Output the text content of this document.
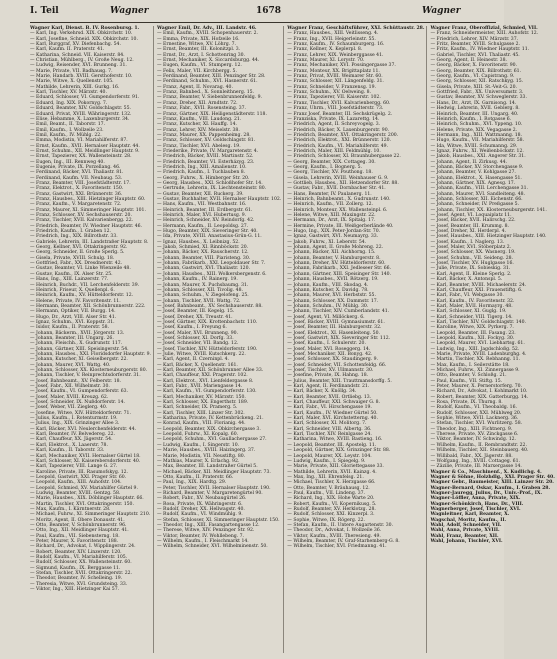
I. Teil	Wagner	1678	Wagner
Wagner Karl, Dienst. B. IV. Rosenbursg. 1.
— Karl, Ing. Verkehrsd. XIX. Obkirchstr. 10.
— Karl, Josefine, Schneid. XIX. Obkirchstr. 10.
— Karl, Burggraf, XV. Diefenbachg. 54.
— Karl, Kaufm. II. Praterstr. 41.
— Katharina, Schneid. VII. Kaiserstr. 84.
— Christian, Mühlberg., IV. Große Neug. 12.
— Ludwig, Reisender, XVI. Brunneng. 31.
— Marie, Private, VII. Badhausg. 7.
— Marie, Handarb. XVIII. Gersthoferstr. 10.
— Marie, Witwe, X. Quellenstr. 105.
— Mathilde, Lehrerin, XIII. Gurkg. 16.
— Karl, Tischler, XV. Märzstr. 40.
— Eduard, Schlosser, VI. Gumpendorferstr. 91.
— Eduard, Ing. XIX. Pokornyg. 7.
— Eduard, Beamter, XIV. Goldschlagstr. 55.
— Eduard, Privat, XVIII. Währingerstr. 132.
— Elise, Hebamme, X. Laxenburgerstr. 34.
— Emil, Beamt., II. Taborstr. 17.
— Emil, Kaufm., I. Wollzeile 23.
— Emil, Kaufm., IV. Mühlg. 22.
— Emma, Modistin, VI. Mariahilferstr. 87.
— Ernst, Kaufm., XVII. Hernalser Hauptstr. 44.
— Ernst, Schuhm., XII. Meidlinger Hauptstr. 9.
— Ernst, Tapezierer, XX. Wallensteinstr. 28.
— Eugen, Ing., III. Rennweg 40.
— Eugenie, Private, IX. Porzellang. 46.
— Ferdinand, Bäcker, XVI. Thaliastr. 81.
— Ferdinand, Kaufm. VII. Neubaug. 53.
— Franz, Beamter, VIII. Josefstädterstr. 17.
— Franz, Elektrot., X. Favoritenstr. 150.
— Franz, Gastwirt, XXI. Brünnerstr. 36.
— Franz, Hausbes., XIII. Hietzinger Hauptstr. 60.
— Franz, Kaufm., V. Margaretenstr. 72.
— Franz, Maurer, XI. Simmeringer Hauptstr. 101.
— Franz, Schlosser, XV. Sechshauserstr. 20.
— Franz, Tischler, XVII. Kalvarienbergg. 22.
— Friedrich, Beamter, IV. Wiedner Hauptstr. 46.
— Friedrich, Kaufm., I. Graben 12.
— Friedrich, Ing., XIX. Billrothstr. 33.
— Gabriele, Lehrerin, III. Landstraßer Hauptstr. 8.
— Georg, Kellner, XVI. Ottakringerstr. 92.
— Georg, Schneider, II. Große Sperlg. 5.
— Gisela, Private, XVIII. Schulg. 18.
— Gottfried, Fabr., XX. Dresdnerstr. 42.
— Gustav, Beamter, VI. Linke Wienzeile 48.
— Gustav, Kaufm., IX. Alser Str. 25.
— Hans, Ing., XIII. Lainzerstr. 77.
— Heinrich, Buchdr., VII. Lerchenfelderstr. 39.
— Heinrich, Friseur, X. Quellenpl. 6.
— Heinrich, Kaufm., XV. Hütteldorferstr. 12.
— Helene, Private, IV. Favoritenstr. 11.
— Hermann, Beamter, XII. Schönbrunnerstr. 222.
— Hermann, Optiker, VII. Burgg. 14.
— Hugo, Dr., Arzt, VIII. Alser Str. 41.
— Ignaz, Schuhm., XVI. Koppstr. 31.
— Isidor, Kaufm., II. Praterstr. 58.
— Johann, Bäckerm., XVII. Jörgerstr. 13.
— Johann, Beamter, III. Ungarg. 26.
— Johann, Fleischh., X. Gudrunstr. 117.
— Johann, Gärtner, XIII. Speisingerstr. 54.
— Johann, Hausbes., XXI. Floridsdorfer Hauptstr. 9.
— Johann, Kutscher, XI. Geiselbergstr. 22.
— Johann, Maurer, XVI. Wattg. 40.
— Johann, Schlosser, XX. Klosterneuburgerstr. 80.
— Johann, Tischler, V. Reinprechtsdorferstr. 31.
— Josef, Bahnbeamt., XV. Felberstr. 18.
— Josef, Fabr., XII. Wilhelmstr. 30.
— Josef, Kaufm., VI. Gumpendorferstr. 63.
— Josef, Maler, XVIII. Kreuzg. 62.
— Josef, Schneider, IX. Nußdorferstr. 14.
— Josef, Weber, VII. Zieglerg. 40.
— Josefine, Witwe, XIV. Hütteldorferstr. 71.
— Julius, Kaufm., I. Rotenturmstr. 19.
— Julius, Ing., XIX. Grinzinger Allee 3.
— Karl, Bäcker, XVI. Neulerchenfelderstr. 44.
— Karl, Beamter, IV. Belvedereg. 22.
— Karl, Chauffeur, XX. Jägerstr. 54.
— Karl, Elektrot., X. Laaerstr. 78.
— Karl, Kaufm., II. Taborstr. 33.
— Karl, Mechaniker, XVII. Hernalser Gürtel 18.
— Karl, Schlosser, XI. Kaiserebersdorferstr. 40.
— Karl, Tapezierer, VIII. Lange G. 27.
— Karoline, Private, III. Rasumofskyg. 12.
— Leopold, Gastwirt, XXI. Prager Str. 60.
— Leopold, Kaufm., XIII. Auhofstr. 104.
— Leopold, Schmied, XV. Mariahilfer Gürtel 9.
— Ludwig, Beamter, XVIII. Gentzg. 58.
— Marie, Hausbes., XIX. Döblinger Hauptstr. 66.
— Martin, Tischler, XVI. Ottakringerstr. 150.
— Max, Kaufm., I. Kärntnerstr. 28.
— Michael, Fuhrw., XI. Simmeringer Hauptstr. 210.
— Moritz, Agent, II. Obere Donaustr. 41.
— Otto, Beamter, V. Schönbrunnerstr. 96.
— Otto, Ing., XII. Meidlinger Hauptstr. 41.
— Paul, Kaufm., VII. Siebensterng. 18.
— Peter, Maurer, X. Favoritenstr. 188.
— Richard, Dr., Advokat, I. Wipplingerstr. 24.
— Robert, Beamter, XIV. Linzerstr. 120.
— Rudolf, Kaufm., VI. Mariahilferstr. 105.
— Rudolf, Schlosser, XX. Wallensteinstr. 60.
— Sigmund, Kaufm., IX. Berggasse 11.
— Stefan, Tischler, XVII. Ottakringerstr. 22.
— Theodor, Beamter, IV. Schelleing. 19.
— Theresia, Witwe, XVI. Grundsteing. 33.
— Viktor, Ing., XIII. Hietzinger Kai 57.
Wagner Emil, Dr. Adv., III. Landstr. 46.
— Emil, Kaufm., XVIII. Schopenhauerstr. 2.
— Emma, Private, XIX. Hofzeile 16.
— Ernestine, Witwe, XV. Löhrg. 7.
— Ernst, Beamter, III. Kolonitzpl. 3.
— Ernst, Dr., Arzt, I. Schottenring 30.
— Ernst, Mechaniker, X. Siccardsburgg. 44.
— Eugen, Kaufm., VI. Stumperg. 12.
— Felix, Maler, VII. Kirchbergg. 5.
— Ferdinand, Beamter, XIII. Penzinger Str. 28.
— Ferdinand, Schuhm., XVI. Hasnerstr. 61.
— Franz, Agent, II. Novarag. 40.
— Franz, Bahnbed., X. Sonnleithnerg. 15.
— Franz, Beamter, V. Siebenbrunnenfeldg. 9.
— Franz, Dreher, XII. Arndtstr. 72.
— Franz, Fabr., XVII. Rosensteing. 37.
— Franz, Gärtner, XIX. Heiligenstädterstr. 118.
— Franz, Kaufm., VIII. Laudong. 21.
— Franz, Kutscher, XI. Hauffg. 14.
— Franz, Lehrer, XIV. Meiselstr. 38.
— Franz, Maurer, XX. Pappenheimg. 28.
— Franz, Schlosser, XV. Goldschlagstr. 81.
— Franz, Tischler, XVI. Abelesg. 19.
— Friederike, Private, IV. Margaretenstr. 4.
— Friedrich, Bäcker, XVIII. Martinstr. 52.
— Friedrich, Beamter, VI. Esterházyg. 23.
— Friedrich, Ing., XIII. Amalienstr. 10.
— Friedrich, Kaufm., I. Tuchlauben 8.
— Georg, Fuhrw., X. Himberger Str. 20.
— Georg, Hausbes., XXI. Schloßhofer Str. 14.
— Gertrude, Lehrerin, IX. Liechtensteinstr. 80.
— Gustav, Beamter, XII. Ruckerg. 39.
— Gustav, Buchhalter, XVII. Hernalser Hauptstr. 102.
— Hans, Kaufm., VII. Westbahnstr. 16.
— Heinrich, Beamter, III. Erdbergstr. 61.
— Heinrich, Maler, XVI. Hubertusg. 9.
— Heinrich, Schneider, XV. Reindorfg. 42.
— Hermann, Kaufm., II. Leopoldsg. 27.
— Hugo, Beamter, XIX. Sieveringer Str. 40.
— Ida, Private, XVIII. Anastasius-Grün-G. 11.
— Ignaz, Hausbes., X. Leibnizg. 52.
— Jakob, Schmied, XI. Rinnböckstr. 20.
— Johann, Bäcker, XX. Rauscherstr. 12.
— Johann, Beamter, VIII. Piaristeng. 30.
— Johann, Fabrikarb., XXI. Leopoldauer Str. 7.
— Johann, Gastwirt, XVI. Thaliastr. 120.
— Johann, Hausbes., XIII. Wolkersbergenstr. 6.
— Johann, Kaufm., IV. Rainerg. 19.
— Johann, Maurer, X. Puchsbaumg. 31.
— Johann, Schlosser, XII. Tivolig. 48.
— Johann, Schuhm., V. Ziegelofeng. 25.
— Johann, Tischler, XVII. Wattg. 72.
— Josef, Bahnbeamt., XV. Sechshauserstr. 88.
— Josef, Beamter, III. Kegelg. 15.
— Josef, Dreher, XX. Treustr. 41.
— Josef, Gärtner, XIX. Krottenbachstr. 110.
— Josef, Kaufm., I. Freyung 6.
— Josef, Maler, XVI. Brunneng. 90.
— Josef, Schlosser, XI. Dorfg. 33.
— Josef, Schneider, VII. Bandg. 12.
— Josef, Tischler, XIV. Hütteldorferstr. 190.
— Julie, Witwe, XVIII. Kutschkerg. 22.
— Karl, Agent, II. Czerninpl. 4.
— Karl, Bäcker, X. Quellenstr. 161.
— Karl, Beamter, XII. Schönbrunner Allee 33.
— Karl, Chauffeur, XXI. Pragerstr. 102.
— Karl, Elektrot., XVI. Lienfeldergasse 8.
— Karl, Fabr., XVII. Mariengasse 14.
— Karl, Kaufm., VI. Gumpendorferstr. 130.
— Karl, Mechaniker, XV. Märzstr. 150.
— Karl, Schlosser, XX. Engerthstr. 189.
— Karl, Schneider, IX. Pramerg. 5.
— Karl, Tischler, XIII. Linzer Str. 302.
— Katharina, Private, IV. Kettenbrückeng. 21.
— Konrad, Kaufm., VIII. Florianig. 44.
— Leopold, Beamter, XIX. Obkirchergasse 3.
— Leopold, Fuhrw., XI. Kopalg. 60.
— Leopold, Schuhm., XVI. Gaullachergasse 27.
— Ludwig, Kaufm., I. Singerstr. 10.
— Marie, Hausbes., XVIII. Haizingerg. 37.
— Marie, Modistin, VII. Neustiftg. 80.
— Mathias, Maurer, X. Erlachg. 92.
— Max, Beamter, III. Landstraßer Gürtel 5.
— Michael, Bäcker, XII. Meidlinger Hauptstr. 73.
— Otto, Kaufm., II. Praterstr. 66.
— Paul, Ing., XIX. Hardtg. 29.
— Peter, Tischler, XVII. Hernalser Hauptstr. 190.
— Richard, Beamter, V. Margaretengürtel 90.
— Robert, Fabr., XV. Neubaugürtel 26.
— Rosa, Private, IX. Währingerstr. 6.
— Rudolf, Dreher, XX. Hellwagstr. 40.
— Rudolf, Kaufm., VI. Windmühlg. 9.
— Stefan, Schlosser, XI. Simmeringer Hauptstr. 150.
— Theodor, Ing., XIII. Fasangartengasse 12.
— Therese, Witwe, XIV. Penzinger Str. 92.
— Viktor, Beamter, IV. Wohllebeng. 7.
— Wilhelm, Kaufm., I. Fleischmarkt 14.
— Wilhelm, Schneider, XVI. Wilhelminenstr. 50.
Wagner Franz, Geschäftsführer, XXI. Schüttaustr. 28.
— Franz, Hausbes., XIII. Veitlisseng. 4.
— Franz, Ing., XVII. Heigerleinstr. 55.
— Franz, Kaufm., IV. Schaumburgerg. 16.
— Franz, Kellner, X. Keplerpl. 8.
— Franz, Lehrer, XIX. Weinberggasse 41.
— Franz, Maurer, XI. Lorystr. 70.
— Franz, Mechaniker, XVI. Possingergasse 37.
— Franz, Monteur, XX. Brigittaplatz 11.
— Franz, Privat, XVIII. Weimarer Str. 60.
— Franz, Schlosser, XII. Längenfeldg. 31.
— Franz, Schneider, V. Franzensg. 19.
— Franz, Schuhm., XV. Oelweing. 8.
— Franz, Tapezierer, VII. Kaiserstr. 102.
— Franz, Tischler, XVII. Kalvarienbergg. 60.
— Franz, Uhrm., VIII. Josefstädterstr. 73.
— Franz Josef, Beamter, III. Sechskrügelg. 2.
— Franziska, Private, IX. Lazarettg. 14.
— Friedrich, Agent, II. Schreyvogelg. 3.
— Friedrich, Bäcker, X. Laxenburgerstr. 90.
— Friedrich, Beamter, XVI. Ottakringerstr. 200.
— Friedrich, Elektrot., XXI. Brünnerstr. 120.
— Friedrich, Kaufm., VI. Mariahilferstr. 49.
— Friedrich, Maler, XIII. Feldmühlg. 10.
— Friedrich, Schlosser, XI. Braunhubergasse 22.
— Georg, Beamter, XIX. Cottageg. 30.
— Georg, Kaufm., I. Bognerg. 5.
— Georg, Tischler, XV. Pouthong. 18.
— Gisela, Lehrerin, XVIII. Weinhauser G. 9.
— Gottlieb, Hausbes., XII. Hetzendorfer Str. 88.
— Gustav, Fabr., XVII. Dornbacher Str. 41.
— Hans, Beamter, IV. Paulanerg. 11.
— Heinrich, Bahnbeamt., X. Gudrunstr. 140.
— Heinrich, Kaufm., VII. Zollerg. 12.
— Heinrich, Monteur, XX. Wallensteinpl. 6.
— Helene, Witwe, XIII. Maxingstr. 22.
— Hermann, Dr., Arzt, IX. Spitalg. 17.
— Hermine, Private, III. Weißgerberlände 40.
— Hugo, Ing., XIX. Peter-Jordan-Str. 70.
— Ignaz, Gastwirt, XVI. Neumayrg. 33.
— Jakob, Fuhrw., XI. Leberstr. 54.
— Johann, Agent, II. Große Mohreng. 22.
— Johann, Bäcker, XII. Aichhorng. 15.
— Johann, Beamter, V. Hamburgerstr. 8.
— Johann, Dreher, XV. Hütteldorferstr. 60.
— Johann, Fabrikarb., XXI. Jedleseer Str. 66.
— Johann, Gärtner, XIII. Speisinger Str. 140.
— Johann, Hausbes., XVII. Rötzerg. 19.
— Johann, Kaufm., VIII. Skodag. 4.
— Johann, Kutscher, X. Davidg. 78.
— Johann, Maurer, XVI. Herbststr. 55.
— Johann, Schlosser, XX. Dammstr. 17.
— Johann, Schuhm., IV. Mühlg. 30.
— Johann, Tischler, XIV. Cumberlandstr. 41.
— Josef, Agent, VI. Millöckerg. 6.
— Josef, Bäcker, XVIII. Gymnasiumstr. 61.
— Josef, Beamter, III. Hainburgerstr. 32.
— Josef, Elektrot., XI. Hasenleiteng. 50.
— Josef, Gastwirt, XIX. Sieveringer Str. 112.
— Josef, Kaufm., I. Schulerstr. 20.
— Josef, Maler, XVI. Roseggerg. 14.
— Josef, Mechaniker, XII. Bonyg. 42.
— Josef, Schlosser, XX. Staudingerg. 9.
— Josef, Schneider, VII. Schottenfeldg. 66.
— Josef, Tischler, XV. Ullmannstr. 30.
— Josefine, Private, IX. Hahng. 18.
— Julius, Beamter, XIII. Trauttmansdorffg. 5.
— Karl, Agent, II. Ferdinandstr. 21.
— Karl, Bäcker, X. Knöllg. 34.
— Karl, Beamter, XVII. Ortliebg. 13.
— Karl, Chauffeur, XXI. Schwaiger G. 8.
— Karl, Fabr., VI. Hirschengasse 19.
— Karl, Kaufm., IV. Wiedner Gürtel 50.
— Karl, Maler, XVI. Kirchstetterng. 40.
— Karl, Schlosser, XI. Molitorg. 7.
— Karl, Schneider, VIII. Albertg. 36.
— Karl, Tischler, XIV. Reinlgasse 24.
— Katharina, Witwe, XVIII. Bastieng. 16.
— Leopold, Beamter, III. Apostelg. 11.
— Leopold, Gärtner, XIX. Grinzinger Str. 88.
— Leopold, Maurer, XX. Leystr. 104.
— Ludwig, Kaufm., I. Spiegelg. 9.
— Marie, Private, XIII. Gloriettegasse 33.
— Mathilde, Lehrerin, XVII. Kainzg. 4.
— Max, Ing., XII. Ehrenfelsg. 21.
— Michael, Tischler, X. Herzgasse 66.
— Otto, Beamter, V. Bräuhausg. 12.
— Paul, Kaufm., VII. Lindeng. 37.
— Richard, Ing., XIX. Hohe Warte 20.
— Robert, Kaufm., VI. Kopernikusg. 5.
— Rudolf, Beamter, XV. Herklotzg. 28.
— Rudolf, Schlosser, XXI. Kinzerpl. 3.
— Sophie, Witwe, IX. Rögerg. 22.
— Stefan, Kaufm., II. Untere Augartenstr. 30.
— Theodor, Dr., Advokat, I. Wollzeile 36.
— Viktor, Kaufm., XVIII. Theresieng. 49.
— Wilhelm, Beamter, IV. Graf-Starhemberg-G. 8.
— Wilhelm, Tischler, XVI. Friedmanng. 41.
Wagner Franz, Oberoffizial, Schmied, VII.
— Franz, Schneidermeister, XIII. Auhofstr. 12.
— Friedrich, Lehrer, XIV. Märzstr. 37.
— Fritz, Beamter, XVIII. Schulgasse 2.
— Fritz, Kaufm., IV. Wiedner Hauptstr. 11.
— Gabriel, Tischler, XVI. Thaliastr. 45.
— Georg, Agent, II. Heinestr. 38.
— Georg, Bäcker, X. Favoritenstr. 90.
— Georg, Beamter, XIX. Billrothstr. 61.
— Georg, Kaufm., VI. Capistrang. 9.
— Georg, Schlosser, XII. Ratschkyg. 15.
— Gisela, Private, XIII. St.-Veit-G. 20.
— Gottfried, Fabr., XX. Universumstr. 3.
— Gustav, Beamter, XV. Schweglerstr. 33.
— Hans, Dr., Arzt, IX. Garnisong. 14.
— Hedwig, Lehrerin, XVII. Geblerg. 8.
— Heinrich, Beamter, III. Ungarg. 40.
— Heinrich, Kaufm., I. Rotgasse 6.
— Heinrich, Schuhm., XVI. Yppeng. 10.
— Helene, Private, XIX. Vegagasse 2.
— Hermann, Ing., XIII. Wattmanng. 18.
— Hugo, Kaufm., VII. Mariahilferstr. 58.
— Ida, Witwe, XVIII. Schumanng. 29.
— Ignaz, Fuhrw., XI. Weißenböckstr. 12.
— Jakob, Hausbes., XXI. Angerer Str. 31.
— Johann, Agent, II. Zirkusg. 44.
— Johann, Bäcker, XV. Storchengasse 9.
— Johann, Beamter, V. Kohlgasse 27.
— Johann, Elektrot., X. Hasengasse 51.
— Johann, Gärtner, XIX. Agnesg. 17.
— Johann, Kaufm., VIII. Lerchengasse 31.
— Johann, Maurer, XVI. Sandleiteng. 48.
— Johann, Schlosser, XII. Eichenstr. 66.
— Johann, Schneider, IV. Preßgasse 5.
— Johann, Tischler, XX. Klosterneuburgerstr. 141.
— Josef, Agent, VI. Loquaiplatz 11.
— Josef, Bäcker, XVII. Halirschg. 22.
— Josef, Beamter, III. Krummg. 8.
— Josef, Dreher, XI. Herderpl. 4.
— Josef, Hausbes., XIII. Hietzinger Hauptstr. 140.
— Josef, Kaufm., I. Naglerg. 13.
— Josef, Maler, XVI. Stöberplatz 2.
— Josef, Schlosser, XX. Wasnerg. 19.
— Josef, Schuhm., VII. Seideng. 28.
— Josef, Tischler, XV. Huglgasse 16.
— Julie, Private, IX. Sobieskig. 31.
— Karl, Agent, II. Kleine Sperlg. 2.
— Karl, Bäcker, X. Antonspl. 5.
— Karl, Beamter, XVIII. Michaelerstr. 24.
— Karl, Chauffeur, XXI. Frauenstiftg. 6.
— Karl, Fabr., VI. Webgasse 30.
— Karl, Kaufm., IV. Favoritenstr. 32.
— Karl, Maler, XVII. Hormayrg. 48.
— Karl, Schlosser, XI. Guglg. 19.
— Karl, Schneider, VIII. Tigerg. 14.
— Karl, Tischler, XIV. Goldschlagstr. 140.
— Karoline, Witwe, XIX. Pyrkerg. 7.
— Leopold, Beamter, III. Fasang. 23.
— Leopold, Kaufm., XII. Fockyg. 30.
— Leopold, Maurer, XVI. Liebhartsg. 61.
— Ludwig, Ing., XIII. Jagdschloßg. 52.
— Marie, Private, XVIII. Ladenburghg. 4.
— Martin, Tischler, XX. Rebhanng. 11.
— Max, Kaufm., I. Seilerstätte 18.
— Michael, Fuhrw., XI. Zinnergasse 9.
— Otto, Beamter, V. Schloßg. 21.
— Paul, Kaufm., VII. Stiftg. 15.
— Peter, Maurer, X. Pernerstorferg. 70.
— Richard, Dr., Advokat, I. Kohlmarkt 10.
— Robert, Beamter, XIX. Gatterburgg. 14.
— Rosa, Private, IX. Thurng. 8.
— Rudolf, Kaufm., VI. Theobaldg. 16.
— Rudolf, Schlosser, XXI. Mühlweg 20.
— Sophie, Witwe, XVII. Lacknerg. 36.
— Stefan, Tischler, XVI. Wurlitzerg. 58.
— Theodor, Ing., XIII. Fichtnerg. 9.
— Therese, Private, XV. Zinckgasse 6.
— Viktor, Beamter, IV. Schwindg. 12.
— Wilhelm, Kaufm., II. Rembrandtstr. 22.
— Wilhelm, Tischler, XII. Steinbauerg. 40.
— Willibald, Fabr., XX. Jägerstr. 88.
— Wolfgang, Ing., XVIII. Cottageg. 61.
— Zäzilie, Private, III. Marxergasse 14.
Wagner & Co., Maschinenf., X. Kudlichg. 4.
Wagner & Söhne, Holzhdlg., XXI. Prager Str. 40.
Wagner Gebr., Baumeister, XIII. Lainzer Str. 20.
Wagner-Bernard, Oskar, Kaufm., I. Graben 28.
Wagner-Jauregg, Julius, Dr., Univ.-Prof., IX.
Wagner-Löffler, Anna, Private, XIX.
Wagner-Schönkirch, Hans, Dr., VIII.
Wagnerberger, Josef, Tischler, XVI.
Wagnleitner, Karl, Beamter, X.
Wagschal, Moritz, Kaufm., II.
Wahl, Adolf, Schneider, VII.
Wahl, Anna, Private, XVIII.
Wahl, Franz, Beamter, XII.
Wahl, Johann, Tischler, XVI.
